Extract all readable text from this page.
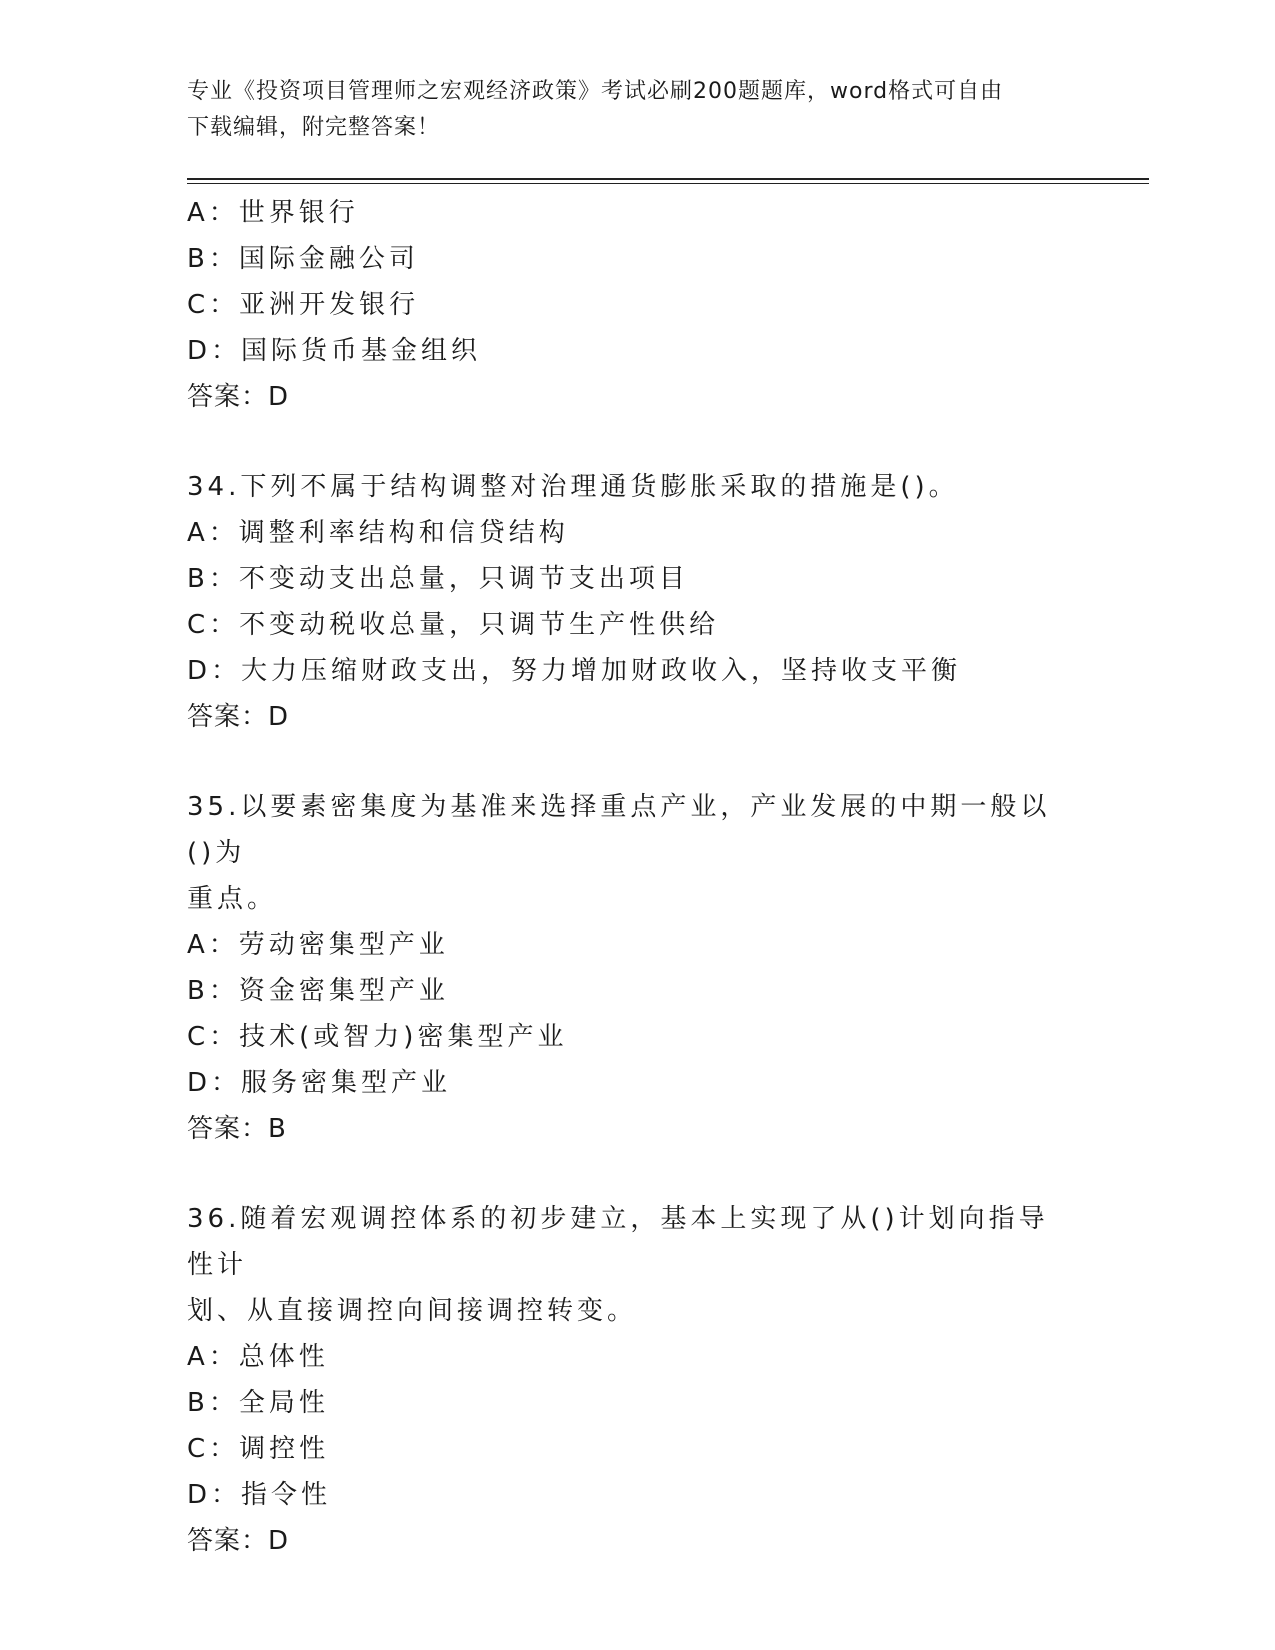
专业《投资项目管理师之宏观经济政策》考试必刷200题题库，word格式可自由
下载编辑，附完整答案！
A：世界银行
B：国际金融公司
C：亚洲开发银行
D：国际货币基金组织
答案：D
34.下列不属于结构调整对治理通货膨胀采取的措施是()。
A：调整利率结构和信贷结构
B：不变动支出总量，只调节支出项目
C：不变动税收总量，只调节生产性供给
D：大力压缩财政支出，努力增加财政收入，坚持收支平衡
答案：D
35.以要素密集度为基准来选择重点产业，产业发展的中期一般以()为
重点。
A：劳动密集型产业
B：资金密集型产业
C：技术(或智力)密集型产业
D：服务密集型产业
答案：B
36.随着宏观调控体系的初步建立，基本上实现了从()计划向指导性计
划、从直接调控向间接调控转变。
A：总体性
B：全局性
C：调控性
D：指令性
答案：D
